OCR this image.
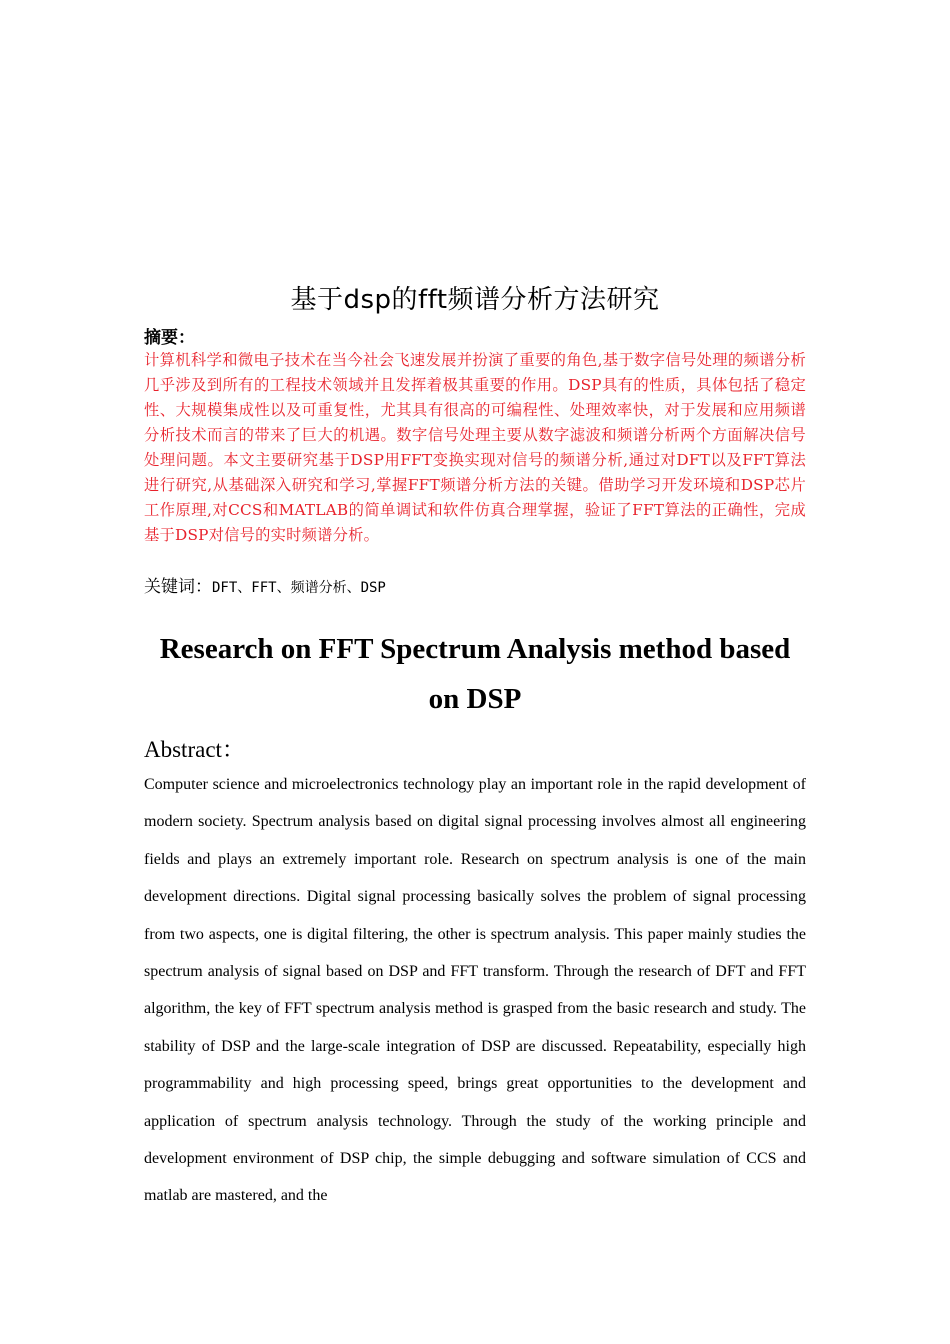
基于dsp的fft频谱分析方法研究
摘要：
计算机科学和微电子技术在当今社会飞速发展并扮演了重要的角色,基于数字信号处理的频谱分析几乎涉及到所有的工程技术领域并且发挥着极其重要的作用。DSP具有的性质，具体包括了稳定性、大规模集成性以及可重复性，尤其具有很高的可编程性、处理效率快，对于发展和应用频谱分析技术而言的带来了巨大的机遇。数字信号处理主要从数字滤波和频谱分析两个方面解决信号处理问题。本文主要研究基于DSP用FFT变换实现对信号的频谱分析,通过对DFT以及FFT算法进行研究,从基础深入研究和学习,掌握FFT频谱分析方法的关键。借助学习开发环境和DSP芯片工作原理,对CCS和MATLAB的简单调试和软件仿真合理掌握，验证了FFT算法的正确性，完成基于DSP对信号的实时频谱分析。
关键词：DFT、FFT、频谱分析、DSP
Research on FFT Spectrum Analysis method based on DSP
Abstract：
Computer science and microelectronics technology play an important role in the rapid development of modern society. Spectrum analysis based on digital signal processing involves almost all engineering fields and plays an extremely important role. Research on spectrum analysis is one of the main development directions. Digital signal processing basically solves the problem of signal processing from two aspects, one is digital filtering, the other is spectrum analysis. This paper mainly studies the spectrum analysis of signal based on DSP and FFT transform. Through the research of DFT and FFT algorithm, the key of FFT spectrum analysis method is grasped from the basic research and study. The stability of DSP and the large-scale integration of DSP are discussed. Repeatability, especially high programmability and high processing speed, brings great opportunities to the development and application of spectrum analysis technology. Through the study of the working principle and development environment of DSP chip, the simple debugging and software simulation of CCS and matlab are mastered, and the
